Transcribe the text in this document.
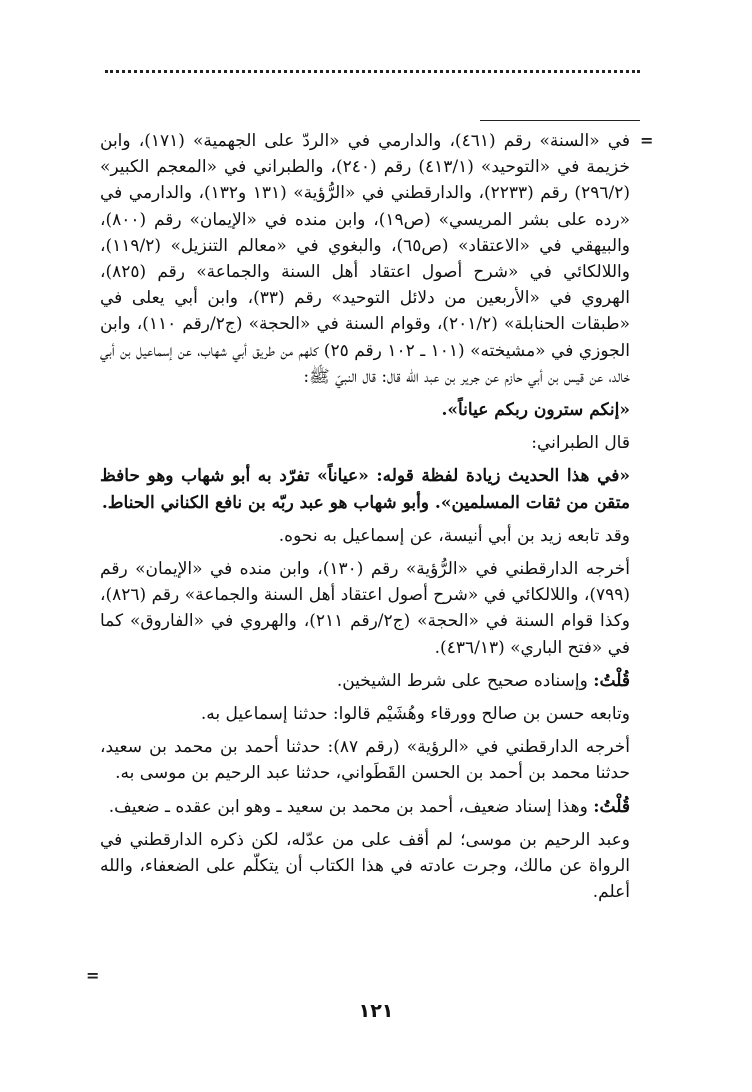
=

في «السنة» رقم (٤٦١)، والدارمي في «الردّ على الجهمية» (١٧١)، وابن خزيمة في «التوحيد» (٤١٣/١) رقم (٢٤٠)، والطبراني في «المعجم الكبير» (٢٩٦/٢) رقم (٢٢٣٣)، والدارقطني في «الرُّؤية» (١٣١ و١٣٢)، والدارمي في «رده على بشر المريسي» (ص١٩)، وابن منده في «الإيمان» رقم (٨٠٠)، والبيهقي في «الاعتقاد» (ص٦٥)، والبغوي في «معالم التنزيل» (١١٩/٢)، واللالكائي في «شرح أصول اعتقاد أهل السنة والجماعة» رقم (٨٢٥)، الهروي في «الأربعين من دلائل التوحيد» رقم (٣٣)، وابن أبي يعلى في «طبقات الحنابلة» (٢٠١/٢)، وقوام السنة في «الحجة» (ج٢/رقم ١١٠)، وابن الجوزي في «مشيخته» (١٠١ ـ ١٠٢ رقم ٢٥) كلهم من طريق أبي شهاب، عن إسماعيل بن أبي خالد، عن قيس بن أبي حازم عن جرير بن عبد الله قال: قال النبيّ ﷺ:

«إنكم سترون ربكم عياناً».

قال الطبراني:

«في هذا الحديث زيادة لفظة قوله: «عياناً» تفرّد به أبو شهاب وهو حافظ متقن من ثقات المسلمين». وأبو شهاب هو عبد ربّه بن نافع الكناني الحناط.

وقد تابعه زيد بن أبي أنيسة، عن إسماعيل به نحوه.

أخرجه الدارقطني في «الرُّؤية» رقم (١٣٠)، وابن منده في «الإيمان» رقم (٧٩٩)، واللالكائي في «شرح أصول اعتقاد أهل السنة والجماعة» رقم (٨٢٦)، وكذا قوام السنة في «الحجة» (ج٢/رقم ٢١١)، والهروي في «الفاروق» كما في «فتح الباري» (٤٣٦/١٣).

قُلْتُ: وإسناده صحيح على شرط الشيخين.

وتابعه حسن بن صالح وورقاء وهُشَيْم قالوا: حدثنا إسماعيل به.

أخرجه الدارقطني في «الرؤية» (رقم ٨٧): حدثنا أحمد بن محمد بن سعيد، حدثنا محمد بن أحمد بن الحسن القَطَواني، حدثنا عبد الرحيم بن موسى به.

قُلْتُ: وهذا إسناد ضعيف، أحمد بن محمد بن سعيد ـ وهو ابن عقده ـ ضعيف.

وعبد الرحيم بن موسى؛ لم أقف على من عدّله، لكن ذكره الدارقطني في الرواة عن مالك، وجرت عادته في هذا الكتاب أن يتكلّم على الضعفاء، والله أعلم.

=
١٢١
